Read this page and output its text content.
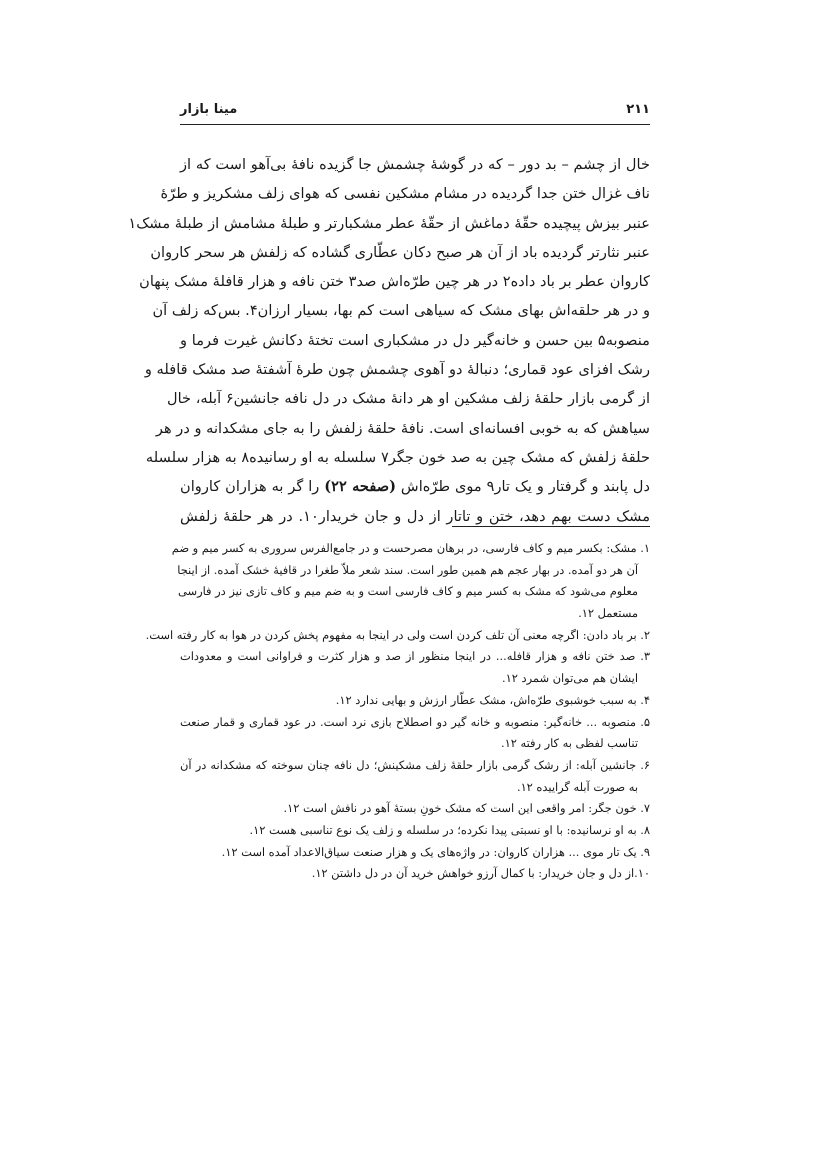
۲۱۱
مینا بازار
خال از چشم – بد دور – که در گوشهٔ چشمش جا گزیده نافهٔ بی‌آهو است که از
ناف غزال ختن جدا گردیده در مشام مشکین نفسی که هوای زلف مشکریز و طرّهٔ
عنبر بیزش پیچیده حقّهٔ دماغش از حقّهٔ عطر مشکبارتر و طبلهٔ مشامش از طبلهٔ مشک۱
عنبر نثارتر گردیده باد از آن هر صبح دکان عطّاری گشاده که زلفش هر سحر کاروان
کاروان عطر بر باد داده۲ در هر چین طرّه‌اش صد۳ ختن نافه و هزار قافلهٔ مشک پنهان
و در هر حلقه‌اش بهای مشک که سیاهی است کم بها، بسیار ارزان۴. بس‌که زلف آن
منصوبه۵ بین حسن و خانه‌گیر دل در مشکباری است تختهٔ دکانش غیرت فرما و
رشک افزای عود قماری؛ دنبالهٔ دو آهوی چشمش چون طرهٔ آشفتهٔ صد مشک قافله و
از گرمی بازار حلقهٔ زلف مشکین او هر دانهٔ مشک در دل نافه جانشین۶ آبله، خال
سیاهش که به خوبی افسانه‌ای است. نافهٔ حلقهٔ زلفش را به جای مشکدانه و در هر
حلقهٔ زلفش که مشک چین به صد خون جگر۷ سلسله به او رسانیده۸ به هزار سلسله
دل پابند و گرفتار و یک تار۹ موی طرّه‌اش (صفحه ۲۲) را گر به هزاران کاروان
مشک دست بهم دهد، ختن و تاتار از دل و جان خریدار۱۰. در هر حلقهٔ زلفش
۱. مشک: بکسر میم و کاف فارسی، در برهان مصرحست و در جامع‌الفرس سروری به کسر میم و ضم
آن هر دو آمده. در بهار عجم هم همین طور است. سند شعر ملاّ طغرا در قافیهٔ خشک آمده. از اینجا
معلوم می‌شود که مشک به کسر میم و کاف فارسی است و به ضم میم و کاف تازی نیز در فارسی
مستعمل ۱۲.
۲. بر باد دادن: اگرچه معنی آن تلف کردن است ولی در اینجا به مفهوم پخش کردن در هوا به کار رفته است.
۳. صد ختن نافه و هزار قافله... در اینجا منظور از صد و هزار کثرت و فراوانی است و معدودات
ایشان هم می‌توان شمرد ۱۲.
۴. به سبب خوشبوی طرّه‌اش، مشک عطّار ارزش و بهایی ندارد ۱۲.
۵. منصوبه ... خانه‌گیر: منصوبه و خانه گیر دو اصطلاح بازی نرد است. در عود قماری و قمار صنعت
تناسب لفظی به کار رفته ۱۲.
۶. جانشین آبله: از رشک گرمی بازار حلقهٔ زلف مشکینش؛ دل نافه چنان سوخته که مشکدانه در آن
به صورت آبله گراییده ۱۲.
۷. خون جگر: امر واقعی این است که مشک خونِ بستهٔ آهو در نافش است ۱۲.
۸. به او نرسانیده: با او نسبتی پیدا نکرده؛ در سلسله و زلف یک نوع تناسبی هست ۱۲.
۹. یک تار موی ... هزاران کاروان: در واژه‌های یک و هزار صنعت سیاق‌الاعداد آمده است ۱۲.
۱۰.از دل و جان خریدار: با کمال آرزو خواهش خرید آن در دل داشتن ۱۲.
